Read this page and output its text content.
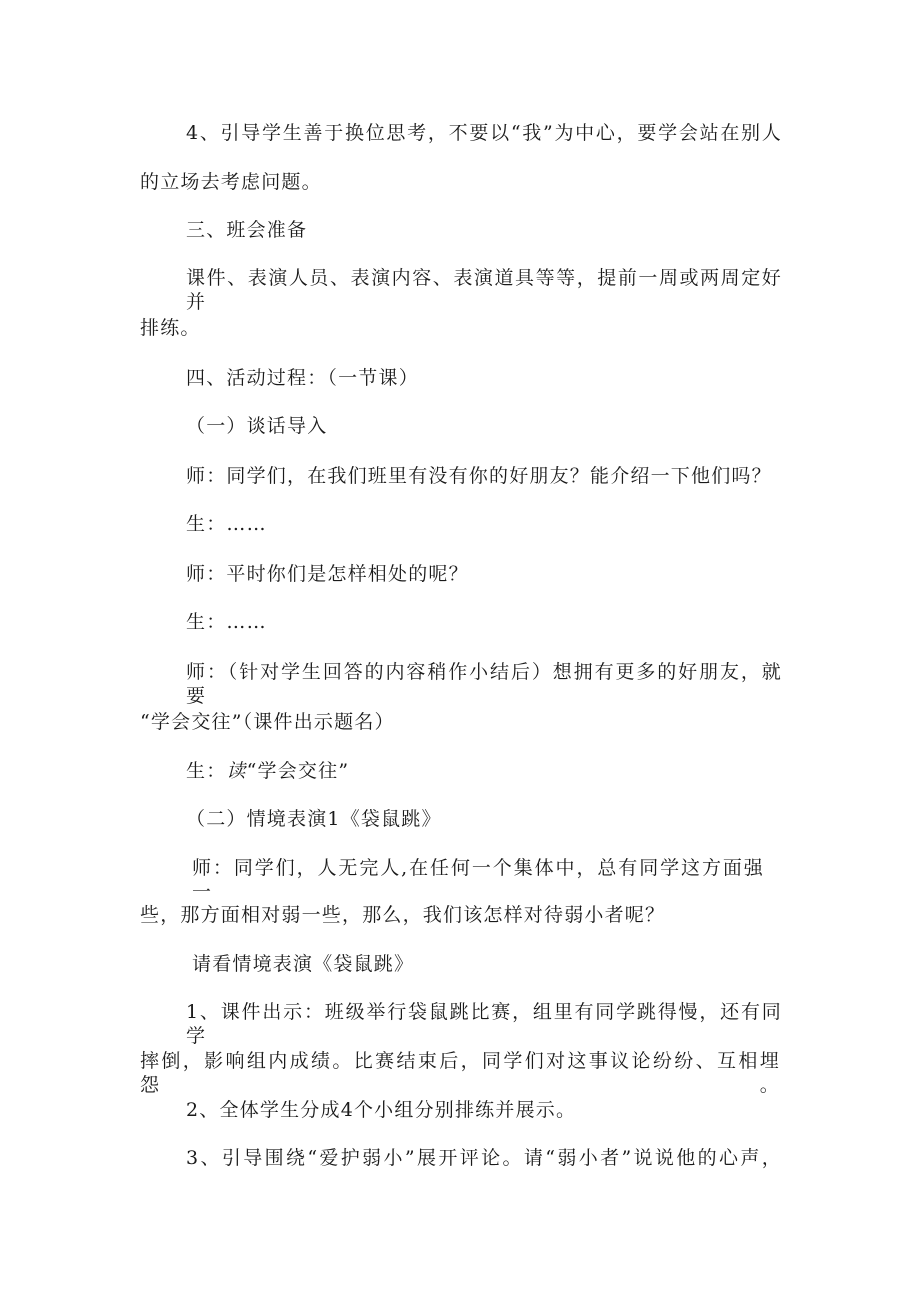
4、引导学生善于换位思考，不要以“我”为中心，要学会站在别人
的立场去考虑问题。
三、班会准备
课件、表演人员、表演内容、表演道具等等，提前一周或两周定好并
排练。
四、活动过程：（一节课）
（一）谈话导入
师：同学们，在我们班里有没有你的好朋友？能介绍一下他们吗？
生：……
师：平时你们是怎样相处的呢？
生：……
师：（针对学生回答的内容稍作小结后）想拥有更多的好朋友，就要
“学会交往”（课件出示题名）
生：读“学会交往”
（二）情境表演1《袋鼠跳》
师：同学们，人无完人,在任何一个集体中，总有同学这方面强一
些，那方面相对弱一些，那么，我们该怎样对待弱小者呢？
请看情境表演《袋鼠跳》
1、课件出示：班级举行袋鼠跳比赛，组里有同学跳得慢，还有同学
摔倒，影响组内成绩。比赛结束后，同学们对这事议论纷纷、互相埋怨。
2、全体学生分成4个小组分别排练并展示。
3、引导围绕“爱护弱小”展开评论。请“弱小者”说说他的心声，
